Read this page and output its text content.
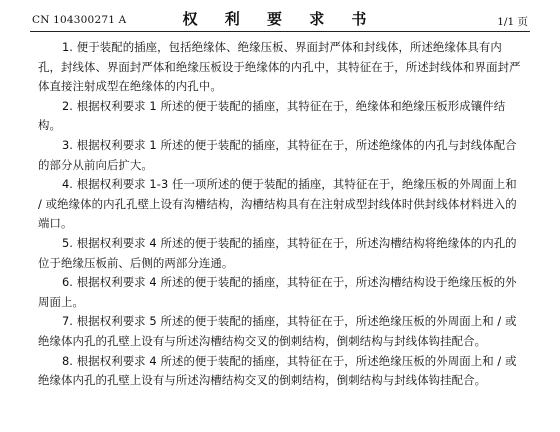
CN 104300271 A	权 利 要 求 书	1/1 页

1. 便于装配的插座，包括绝缘体、绝缘压板、界面封严体和封线体，所述绝缘体具有内孔，封线体、界面封严体和绝缘压板设于绝缘体的内孔中，其特征在于，所述封线体和界面封严体直接注射成型在绝缘体的内孔中。

2. 根据权利要求 1 所述的便于装配的插座，其特征在于，绝缘体和绝缘压板形成镶件结构。

3. 根据权利要求 1 所述的便于装配的插座，其特征在于，所述绝缘体的内孔与封线体配合的部分从前向后扩大。

4. 根据权利要求 1-3 任一项所述的便于装配的插座，其特征在于，绝缘压板的外周面上和 / 或绝缘体的内孔孔壁上设有沟槽结构，沟槽结构具有在注射成型封线体时供封线体材料进入的端口。

5. 根据权利要求 4 所述的便于装配的插座，其特征在于，所述沟槽结构将绝缘体的内孔的位于绝缘压板前、后侧的两部分连通。

6. 根据权利要求 4 所述的便于装配的插座，其特征在于，所述沟槽结构设于绝缘压板的外周面上。

7. 根据权利要求 5 所述的便于装配的插座，其特征在于，所述绝缘压板的外周面上和 / 或绝缘体内孔的孔壁上设有与所述沟槽结构交叉的倒刺结构，倒刺结构与封线体钩挂配合。

8. 根据权利要求 4 所述的便于装配的插座，其特征在于，所述绝缘压板的外周面上和 / 或绝缘体内孔的孔壁上设有与所述沟槽结构交叉的倒刺结构，倒刺结构与封线体钩挂配合。
